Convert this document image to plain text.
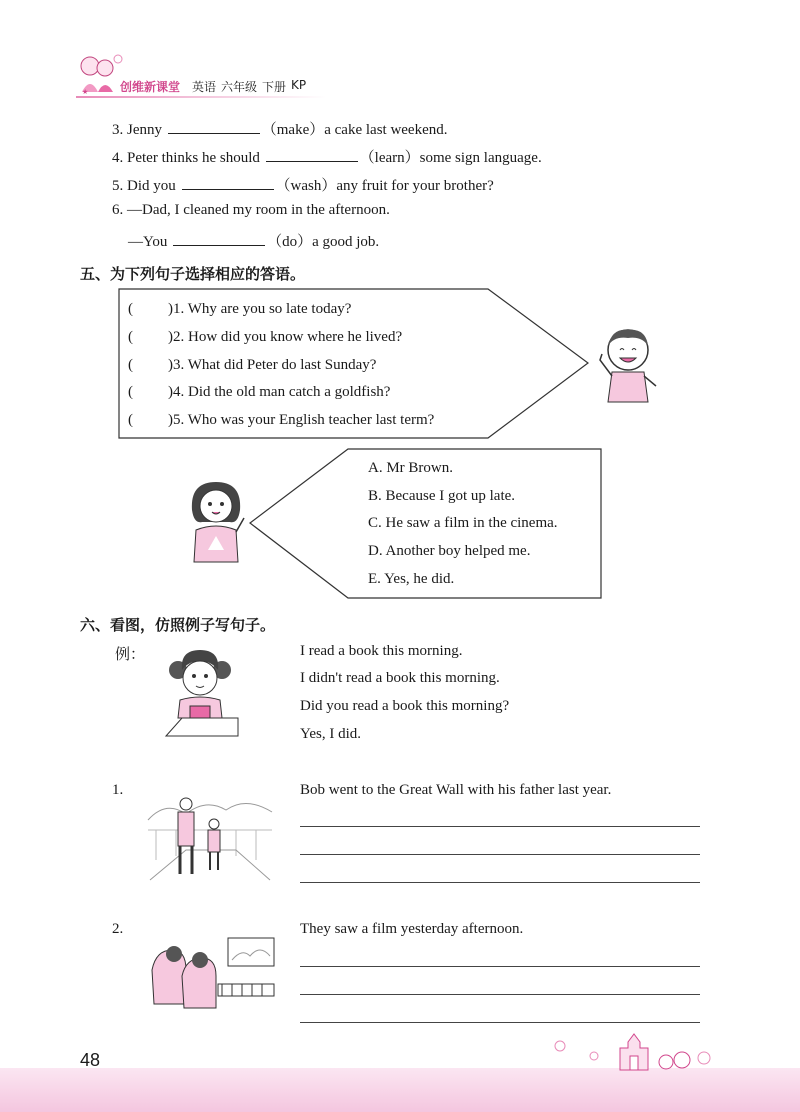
★	创维新课堂 英语 六年级 下册 KP
3. Jenny	（make）a cake last weekend.
4. Peter thinks he should	（learn）some sign language.
5. Did you	（wash）any fruit for your brother?
6. —Dad, I cleaned my room in the afternoon.
—You	（do）a good job.
五、为下列句子选择相应的答语。
( )1. Why are you so late today?
( )2. How did you know where he lived?
( )3. What did Peter do last Sunday?
( )4. Did the old man catch a goldfish?
( )5. Who was your English teacher last term?
A. Mr Brown.
B. Because I got up late.
C. He saw a film in the cinema.
D. Another boy helped me.
E. Yes, he did.
六、看图，仿照例子写句子。
例：	I read a book this morning.
I didn't read a book this morning.
Did you read a book this morning?
Yes, I did.
1.	Bob went to the Great Wall with his father last year.
2.	They saw a film yesterday afternoon.
48
